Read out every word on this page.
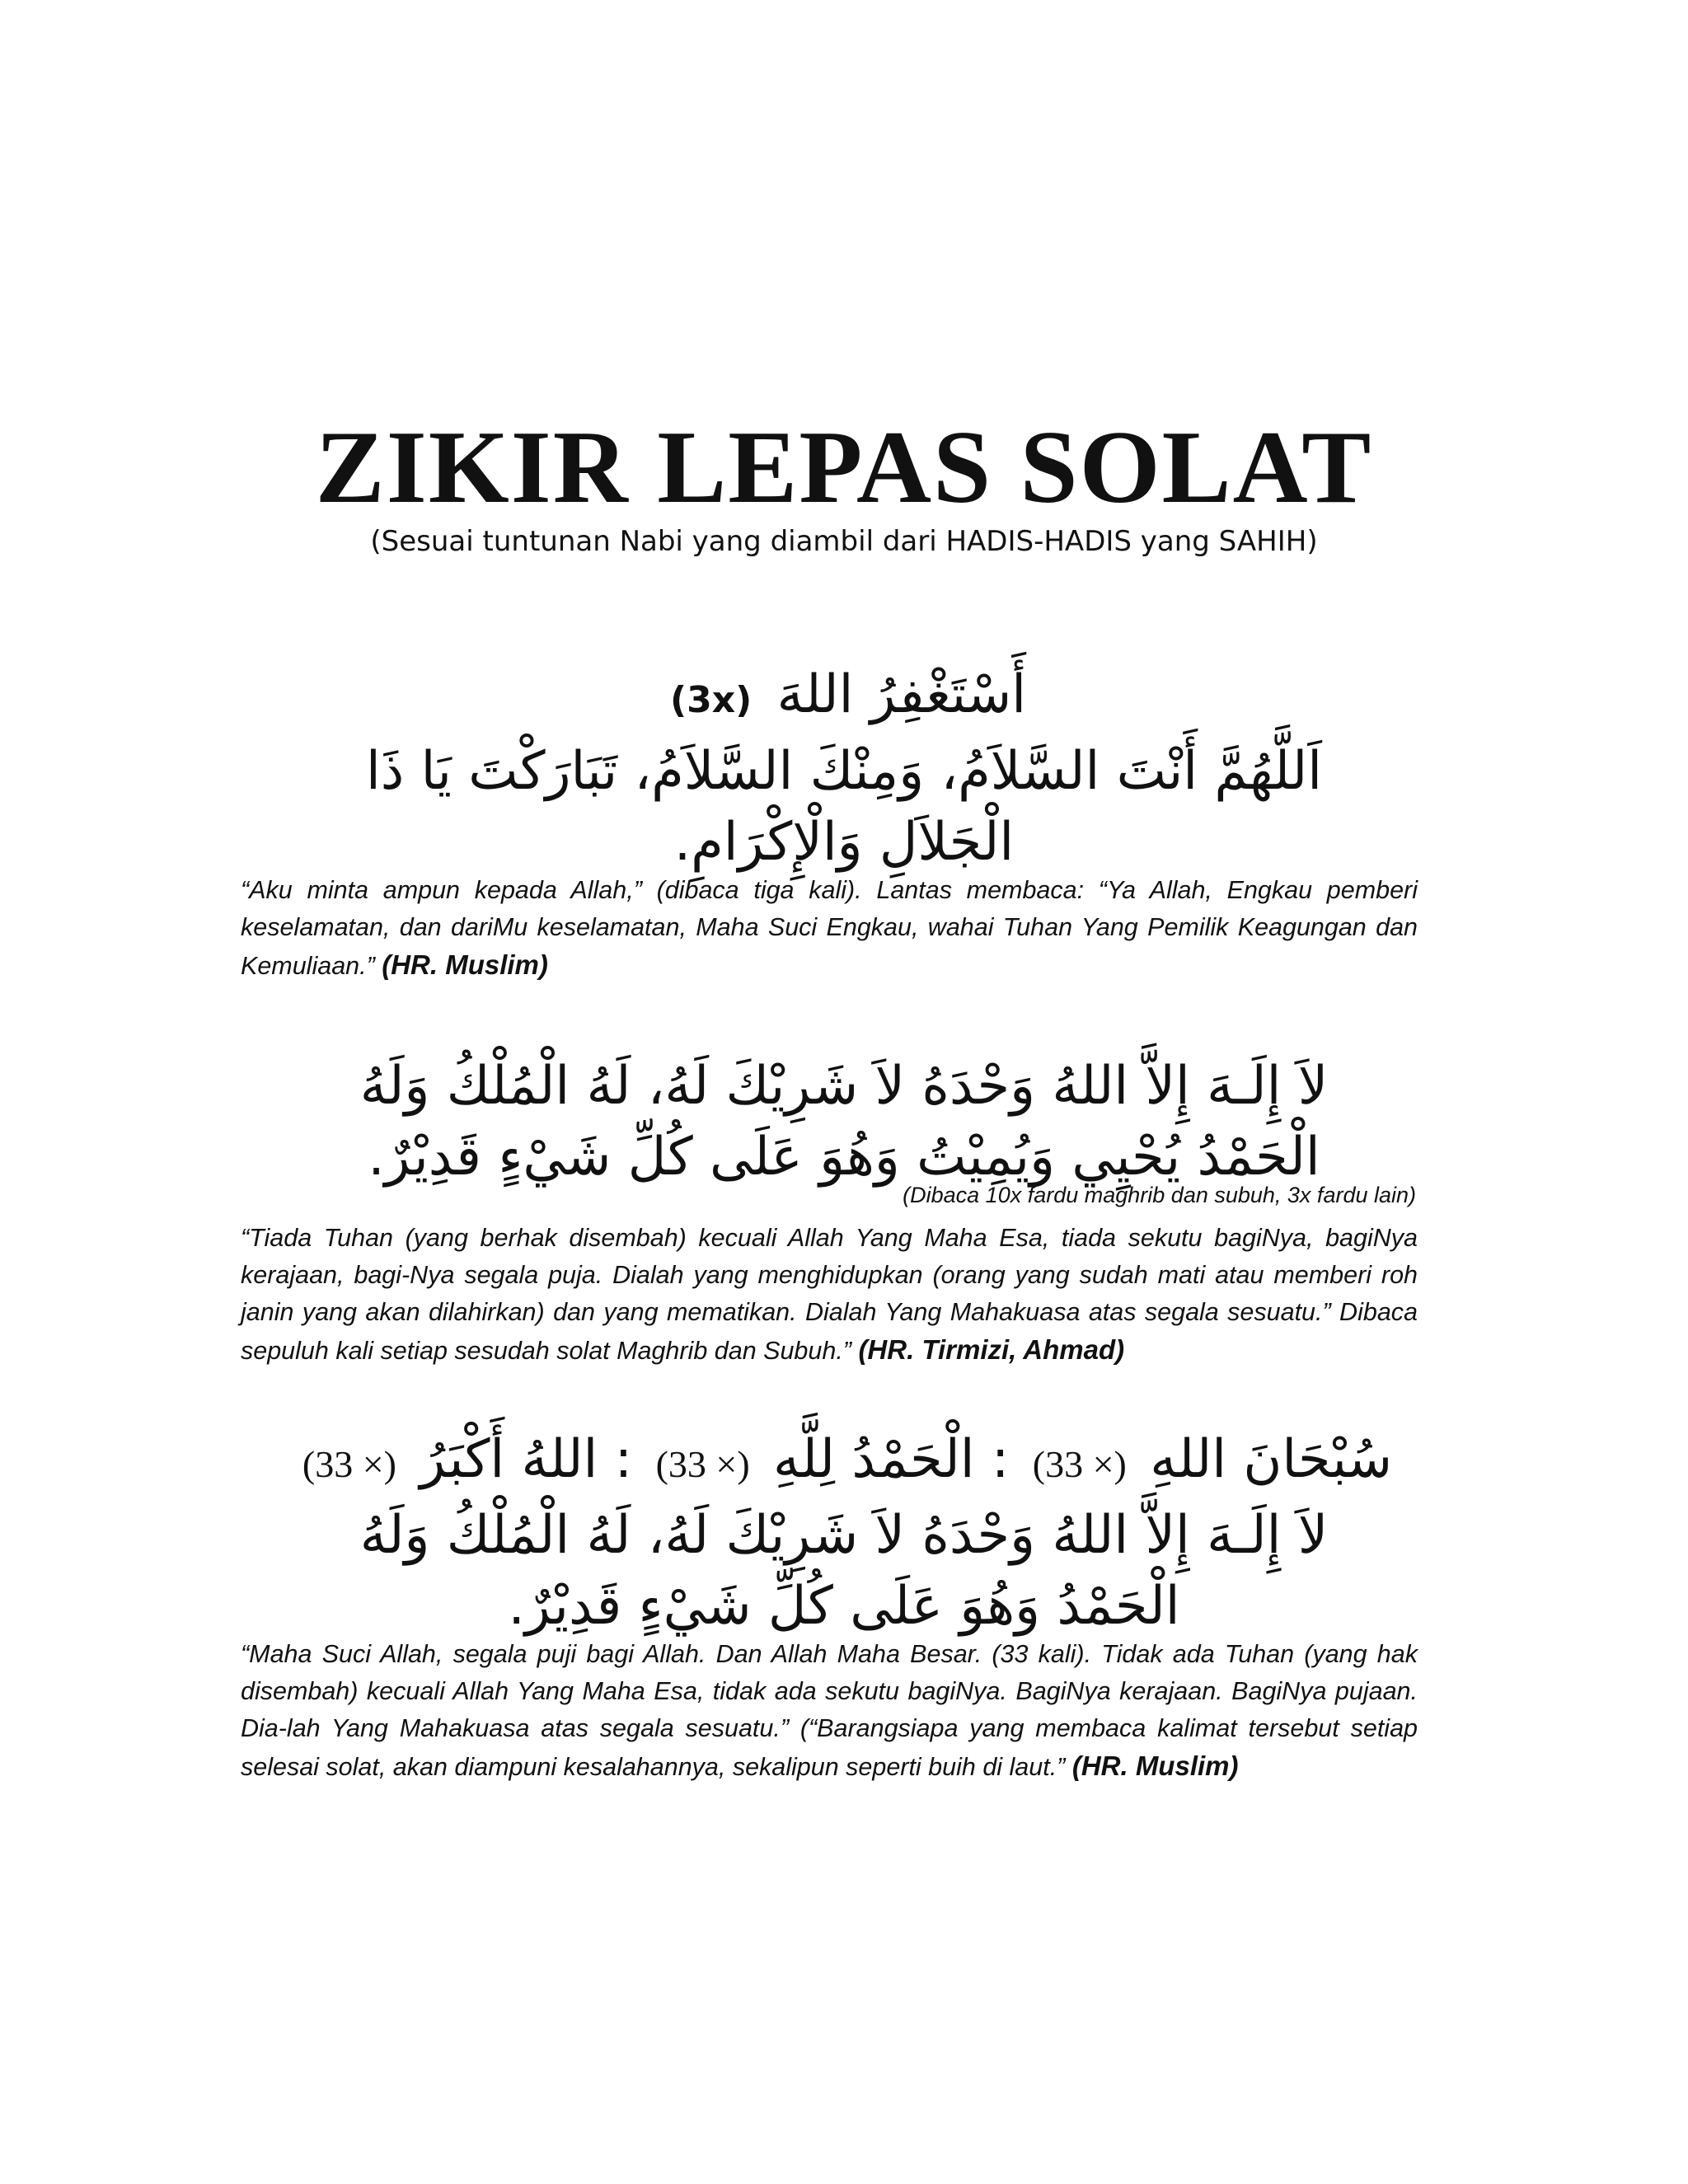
ZIKIR LEPAS SOLAT
(Sesuai tuntunan Nabi yang diambil dari HADIS-HADIS yang SAHIH)
أَسْتَغْفِرُ اللهَ (3x)
اَللَّهُمَّ أَنْتَ السَّلاَمُ، وَمِنْكَ السَّلاَمُ، تَبَارَكْتَ يَا ذَا
الْجَلاَلِ وَالْإِكْرَامِ.
“Aku minta ampun kepada Allah,” (dibaca tiga kali). Lantas membaca: “Ya Allah, Engkau pemberi keselamatan, dan dariMu keselamatan, Maha Suci Engkau, wahai Tuhan Yang Pemilik Keagungan dan Kemuliaan.” (HR. Muslim)
لاَ إِلَـهَ إِلاَّ اللهُ وَحْدَهُ لاَ شَرِيْكَ لَهُ، لَهُ الْمُلْكُ وَلَهُ
الْحَمْدُ يُحْيِي وَيُمِيْتُ وَهُوَ عَلَى كُلِّ شَيْءٍ قَدِيْرٌ.
(Dibaca 10x fardu maghrib dan subuh, 3x fardu lain)
“Tiada Tuhan (yang berhak disembah) kecuali Allah Yang Maha Esa, tiada sekutu bagiNya, bagiNya kerajaan, bagi-Nya segala puja. Dialah yang menghidupkan (orang yang sudah mati atau memberi roh janin yang akan dilahirkan) dan yang mematikan. Dialah Yang Mahakuasa atas segala sesuatu.” Dibaca sepuluh kali setiap sesudah solat Maghrib dan Subuh.” (HR. Tirmizi, Ahmad)
سُبْحَانَ اللهِ (33 ×) : الْحَمْدُ لِلَّهِ (33 ×) : اللهُ أَكْبَرُ (33 ×)
لاَ إِلَـهَ إِلاَّ اللهُ وَحْدَهُ لاَ شَرِيْكَ لَهُ، لَهُ الْمُلْكُ وَلَهُ
الْحَمْدُ وَهُوَ عَلَى كُلِّ شَيْءٍ قَدِيْرٌ.
“Maha Suci Allah, segala puji bagi Allah. Dan Allah Maha Besar. (33 kali). Tidak ada Tuhan (yang hak disembah) kecuali Allah Yang Maha Esa, tidak ada sekutu bagiNya. BagiNya kerajaan. BagiNya pujaan. Dia-lah Yang Mahakuasa atas segala sesuatu.” (“Barangsiapa yang membaca kalimat tersebut setiap selesai solat, akan diampuni kesalahannya, sekalipun seperti buih di laut.” (HR. Muslim)
